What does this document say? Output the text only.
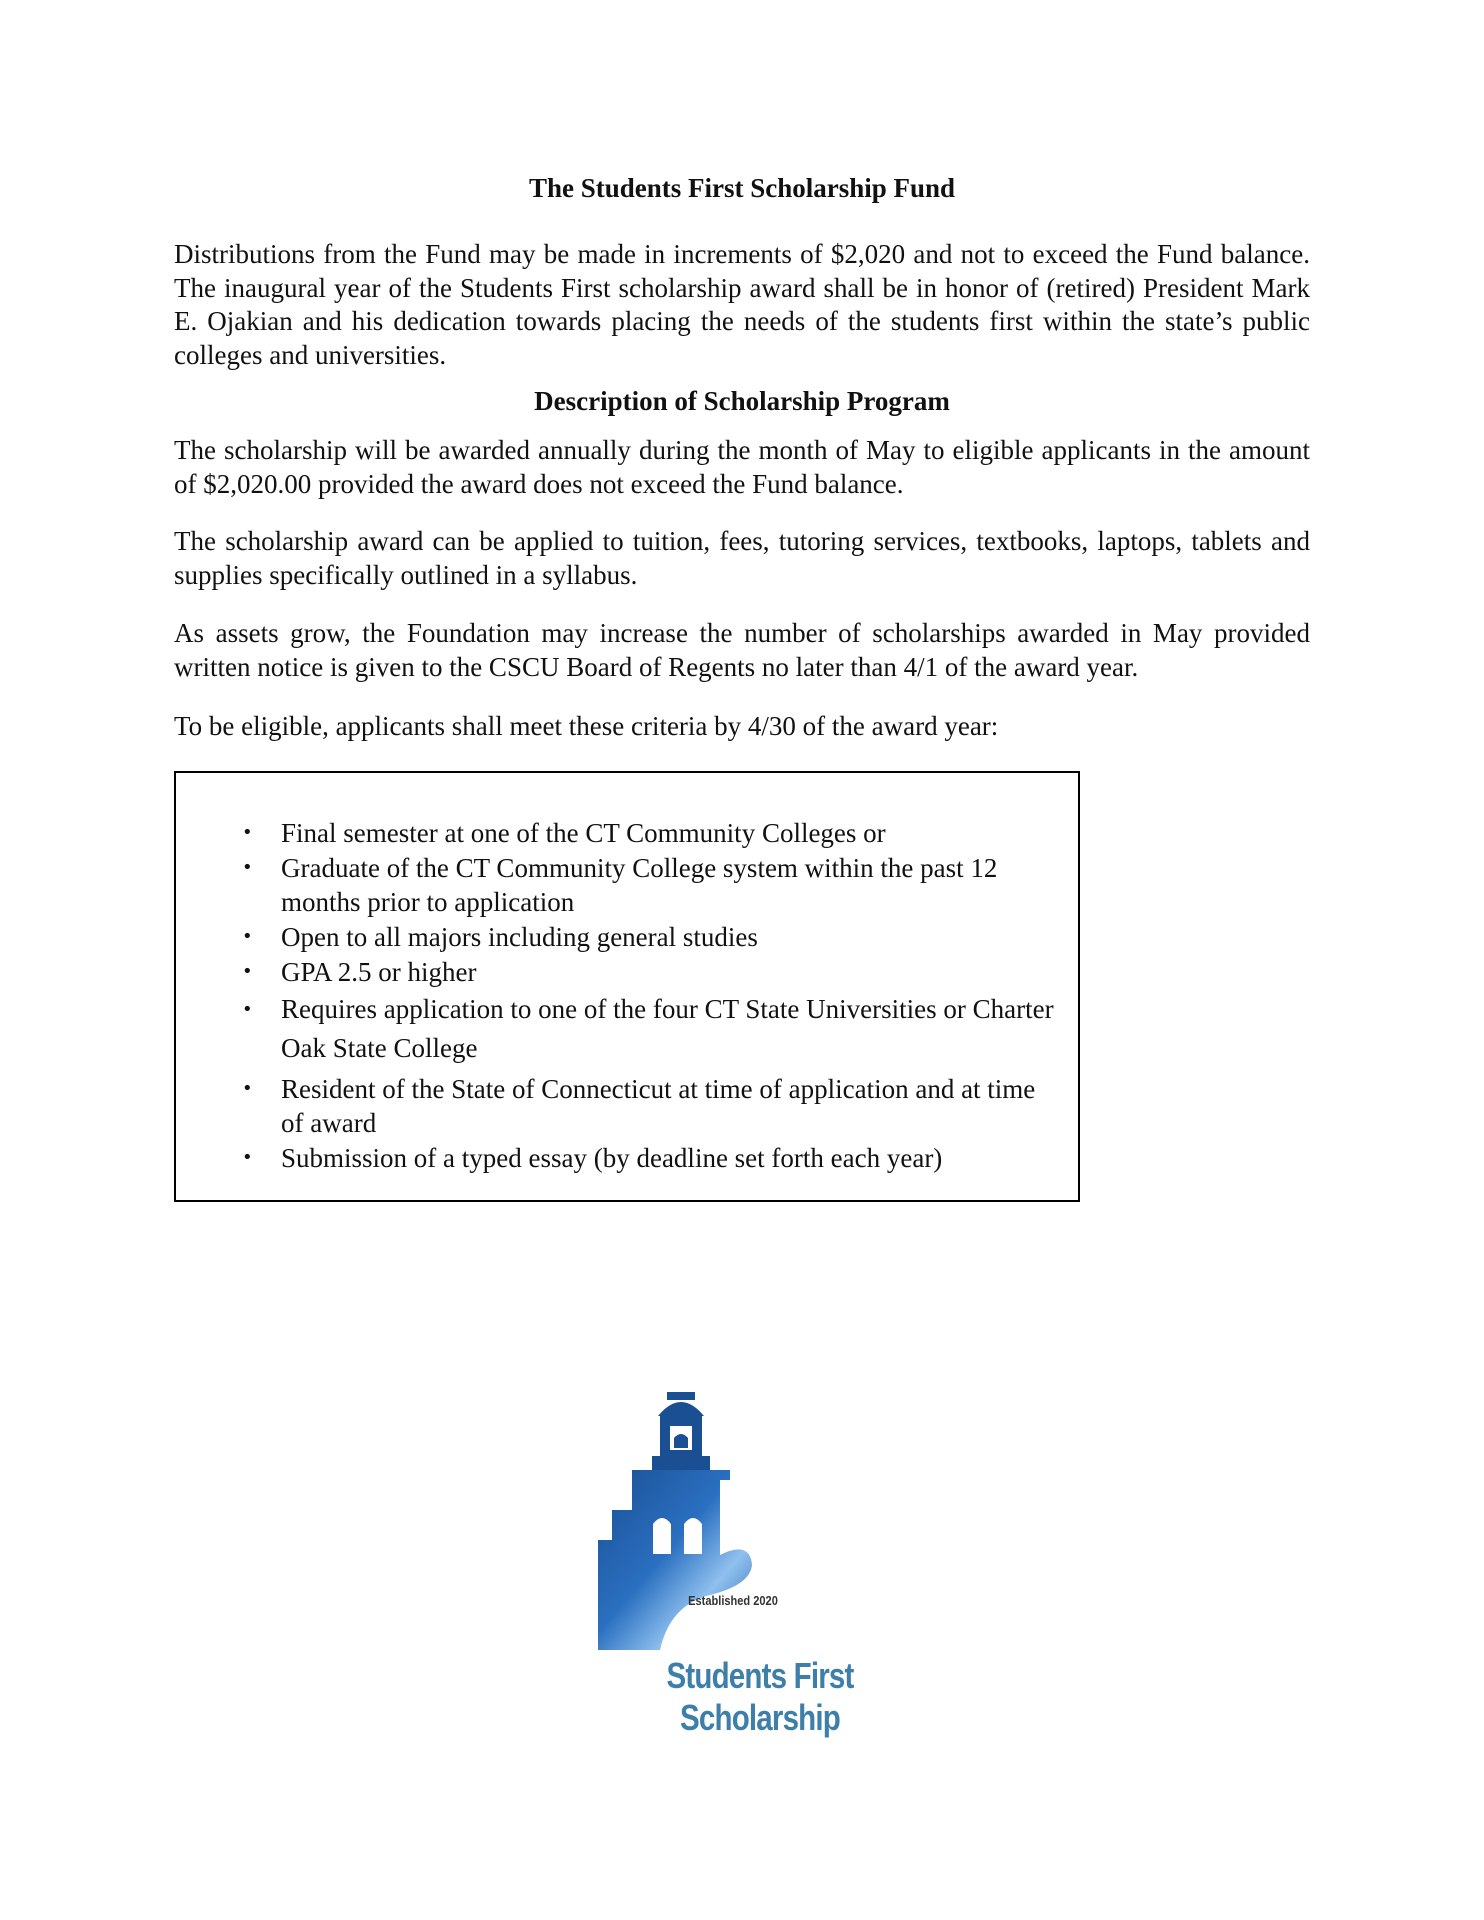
The Students First Scholarship Fund

Distributions from the Fund may be made in increments of $2,020 and not to exceed the Fund balance. The inaugural year of the Students First scholarship award shall be in honor of (retired) President Mark E. Ojakian and his dedication towards placing the needs of the students first within the state’s public colleges and universities.

Description of Scholarship Program

The scholarship will be awarded annually during the month of May to eligible applicants in the amount of $2,020.00 provided the award does not exceed the Fund balance.

The scholarship award can be applied to tuition, fees, tutoring services, textbooks, laptops, tablets and supplies specifically outlined in a syllabus.

As assets grow, the Foundation may increase the number of scholarships awarded in May provided written notice is given to the CSCU Board of Regents no later than 4/1 of the award year.

To be eligible, applicants shall meet these criteria by 4/30 of the award year:

• Final semester at one of the CT Community Colleges or
• Graduate of the CT Community College system within the past 12 months prior to application
• Open to all majors including general studies
• GPA 2.5 or higher
• Requires application to one of the four CT State Universities or Charter Oak State College
• Resident of the State of Connecticut at time of application and at time of award
• Submission of a typed essay (by deadline set forth each year)
Established 2020
Students First Scholarship
